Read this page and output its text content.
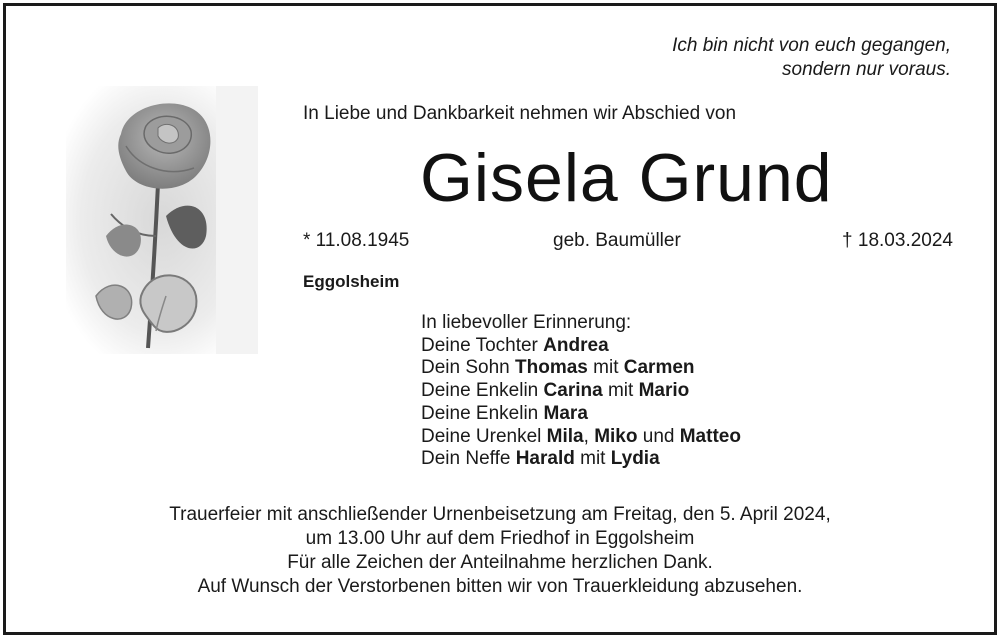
Ich bin nicht von euch gegangen,
sondern nur voraus.
In Liebe und Dankbarkeit nehmen wir Abschied von
Gisela Grund
* 11.08.1945	geb. Baumüller	† 18.03.2024
Eggolsheim
In liebevoller Erinnerung:
Deine Tochter Andrea
Dein Sohn Thomas mit Carmen
Deine Enkelin Carina mit Mario
Deine Enkelin Mara
Deine Urenkel Mila, Miko und Matteo
Dein Neffe Harald mit Lydia
Trauerfeier mit anschließender Urnenbeisetzung am Freitag, den 5. April 2024,
um 13.00 Uhr auf dem Friedhof in Eggolsheim
Für alle Zeichen der Anteilnahme herzlichen Dank.
Auf Wunsch der Verstorbenen bitten wir von Trauerkleidung abzusehen.
